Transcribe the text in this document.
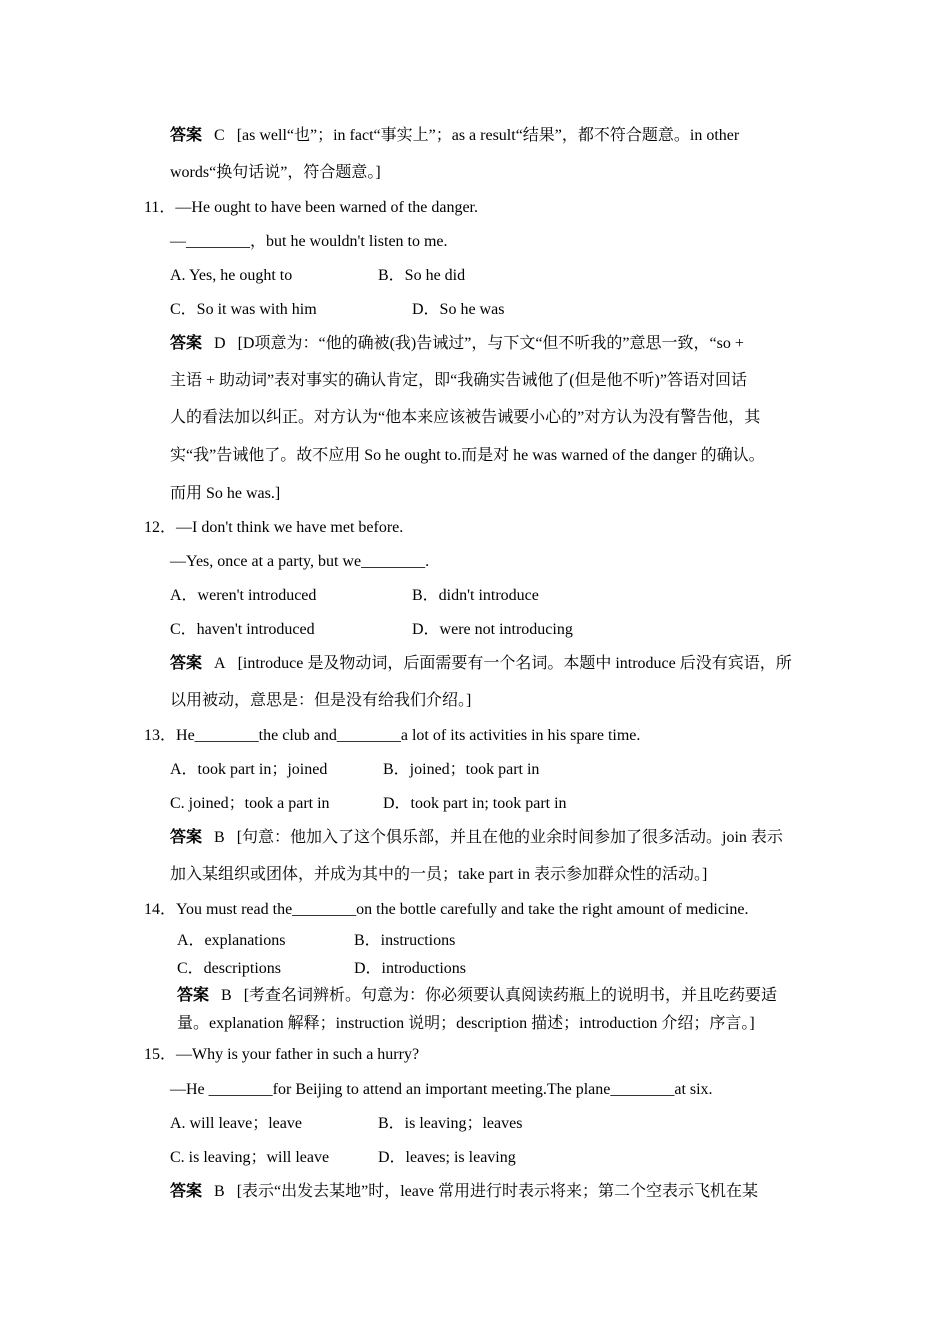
答案 C [as well“也”；in fact“事实上”；as a result“结果”，都不符合题意。in other
words“换句话说”，符合题意。]
11．—He ought to have been warned of the danger.
—________，but he wouldn't listen to me.
A. Yes, he ought to	B．So he did
C．So it was with him	D．So he was
答案 D [D项意为：“他的确被(我)告诫过”，与下文“但不听我的”意思一致，“so +
主语 + 助动词”表对事实的确认肯定，即“我确实告诫他了(但是他不听)”答语对回话
人的看法加以纠正。对方认为“他本来应该被告诫要小心的”对方认为没有警告他，其
实“我”告诫他了。故不应用 So he ought to.而是对 he was warned of the danger 的确认。
而用 So he was.]
12．—I don't think we have met before.
—Yes, once at a party, but we________.
A．weren't introduced	B．didn't introduce
C．haven't introduced	D．were not introducing
答案 A [introduce 是及物动词，后面需要有一个名词。本题中 introduce 后没有宾语，所
以用被动，意思是：但是没有给我们介绍。]
13．He________the club and________a lot of its activities in his spare time.
A．took part in；joined	B．joined；took part in
C. joined；took a part in	D．took part in; took part in
答案 B [句意：他加入了这个俱乐部，并且在他的业余时间参加了很多活动。join 表示
加入某组织或团体，并成为其中的一员；take part in 表示参加群众性的活动。]
14．You must read the________on the bottle carefully and take the right amount of medicine.
A．explanations	B．instructions
C．descriptions	D．introductions
答案 B [考查名词辨析。句意为：你必须要认真阅读药瓶上的说明书，并且吃药要适
量。explanation 解释；instruction 说明；description 描述；introduction 介绍；序言。]
15．—Why is your father in such a hurry?
—He ________for Beijing to attend an important meeting.The plane________at six.
A. will leave；leave	B．is leaving；leaves
C. is leaving；will leave	D．leaves; is leaving
答案 B [表示“出发去某地”时，leave 常用进行时表示将来；第二个空表示飞机在某
